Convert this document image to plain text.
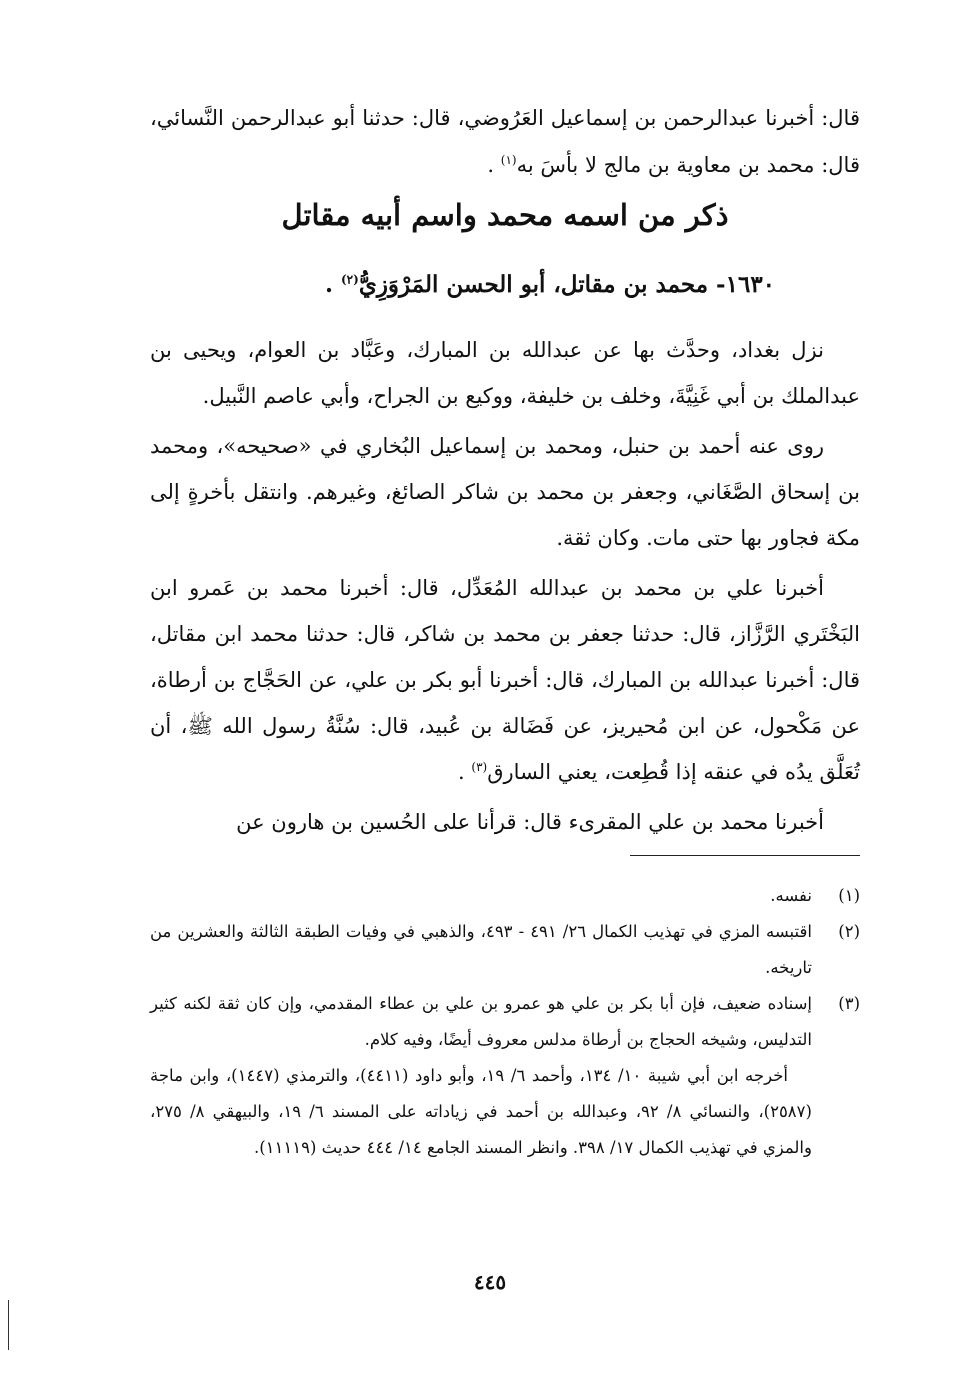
قال: أخبرنا عبدالرحمن بن إسماعيل العَرُوضي، قال: حدثنا أبو عبدالرحمن النَّسائي، قال: محمد بن معاوية بن مالج لا بأسَ به$^{(١)}$ .

ذكر من اسمه محمد واسم أبيه مقاتل
١٦٣٠- محمد بن مقاتل، أبو الحسن المَرْوَزِيُّ$^{(٢)}$ .

نزل بغداد، وحدَّث بها عن عبدالله بن المبارك، وعَبَّاد بن العوام، ويحيى بن عبدالملك بن أبي غَنِيَّةَ، وخلف بن خليفة، ووكيع بن الجراح، وأبي عاصم النَّبيل.

روى عنه أحمد بن حنبل، ومحمد بن إسماعيل البُخاري في «صحيحه»، ومحمد بن إسحاق الصَّغَاني، وجعفر بن محمد بن شاكر الصائغ، وغيرهم. وانتقل بأخرةٍ إلى مكة فجاور بها حتى مات. وكان ثقة.

أخبرنا علي بن محمد بن عبدالله المُعَدِّل، قال: أخبرنا محمد بن عَمرو ابن البَخْتَري الرَّزَّاز، قال: حدثنا جعفر بن محمد بن شاكر، قال: حدثنا محمد ابن مقاتل، قال: أخبرنا عبدالله بن المبارك، قال: أخبرنا أبو بكر بن علي، عن الحَجَّاج بن أرطاة، عن مَكْحول، عن ابن مُحيريز، عن فَضَالة بن عُبيد، قال: سُنَّةُ رسول الله ﷺ، أن تُعَلَّق يدُه في عنقه إذا قُطِعت، يعني السارق$^{(٣)}$ .

أخبرنا محمد بن علي المقرىء قال: قرأنا على الحُسين بن هارون عن

(١)
نفسه.
(٢)
اقتبسه المزي في تهذيب الكمال ٢٦/ ٤٩١ - ٤٩٣، والذهبي في وفيات الطبقة الثالثة والعشرين من تاريخه.
(٣)
إسناده ضعيف، فإن أبا بكر بن علي هو عمرو بن علي بن عطاء المقدمي، وإن كان ثقة لكنه كثير التدليس، وشيخه الحجاج بن أرطاة مدلس معروف أيضًا، وفيه كلام.
أخرجه ابن أبي شيبة ١٠/ ١٣٤، وأحمد ٦/ ١٩، وأبو داود (٤٤١١)، والترمذي (١٤٤٧)، وابن ماجة (٢٥٨٧)، والنسائي ٨/ ٩٢، وعبدالله بن أحمد في زياداته على المسند ٦/ ١٩، والبيهقي ٨/ ٢٧٥، والمزي في تهذيب الكمال ١٧/ ٣٩٨. وانظر المسند الجامع ١٤/ ٤٤٤ حديث (١١١١٩).
٤٤٥
